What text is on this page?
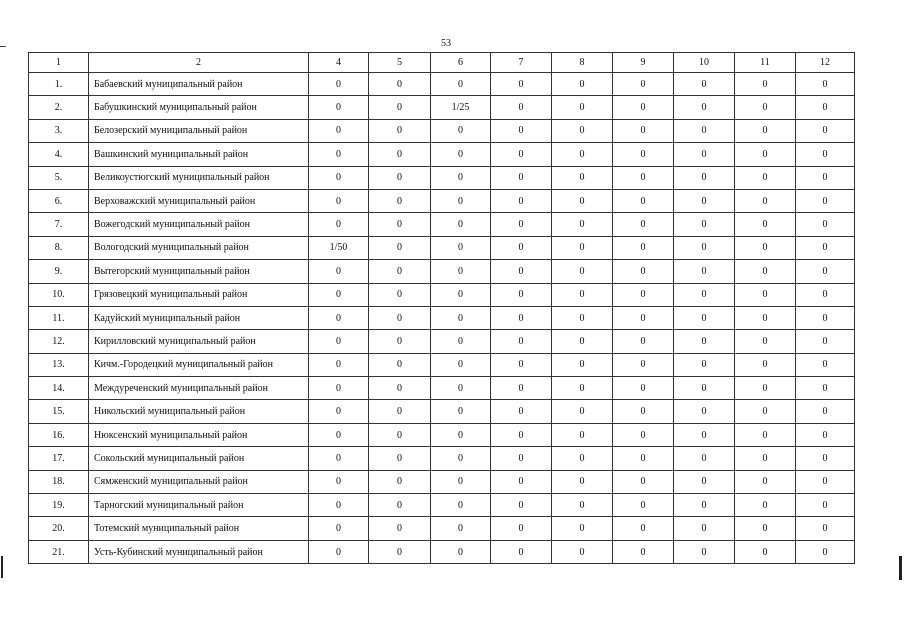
53
1	2	4	5	6	7	8	9	10	11	12
1.	Бабаевский муниципальный район	0	0	0	0	0	0	0	0	0
2.	Бабушкинский муниципальный район	0	0	1/25	0	0	0	0	0	0
3.	Белозерский муниципальный район	0	0	0	0	0	0	0	0	0
4.	Вашкинский муниципальный район	0	0	0	0	0	0	0	0	0
5.	Великоустюгский муниципальный район	0	0	0	0	0	0	0	0	0
6.	Верховажский муниципальный район	0	0	0	0	0	0	0	0	0
7.	Вожегодский муниципальный район	0	0	0	0	0	0	0	0	0
8.	Вологодский муниципальный район	1/50	0	0	0	0	0	0	0	0
9.	Вытегорский муниципальный район	0	0	0	0	0	0	0	0	0
10.	Грязовецкий муниципальный район	0	0	0	0	0	0	0	0	0
11.	Кадуйский муниципальный район	0	0	0	0	0	0	0	0	0
12.	Кирилловский муниципальный район	0	0	0	0	0	0	0	0	0
13.	Кичм.-Городецкий муниципальный район	0	0	0	0	0	0	0	0	0
14.	Междуреченский муниципальный район	0	0	0	0	0	0	0	0	0
15.	Никольский муниципальный район	0	0	0	0	0	0	0	0	0
16.	Нюксенский муниципальный район	0	0	0	0	0	0	0	0	0
17.	Сокольский муниципальный район	0	0	0	0	0	0	0	0	0
18.	Сямженский муниципальный район	0	0	0	0	0	0	0	0	0
19.	Тарногский муниципальный район	0	0	0	0	0	0	0	0	0
20.	Тотемский муниципальный район	0	0	0	0	0	0	0	0	0
21.	Усть-Кубинский муниципальный район	0	0	0	0	0	0	0	0	0
